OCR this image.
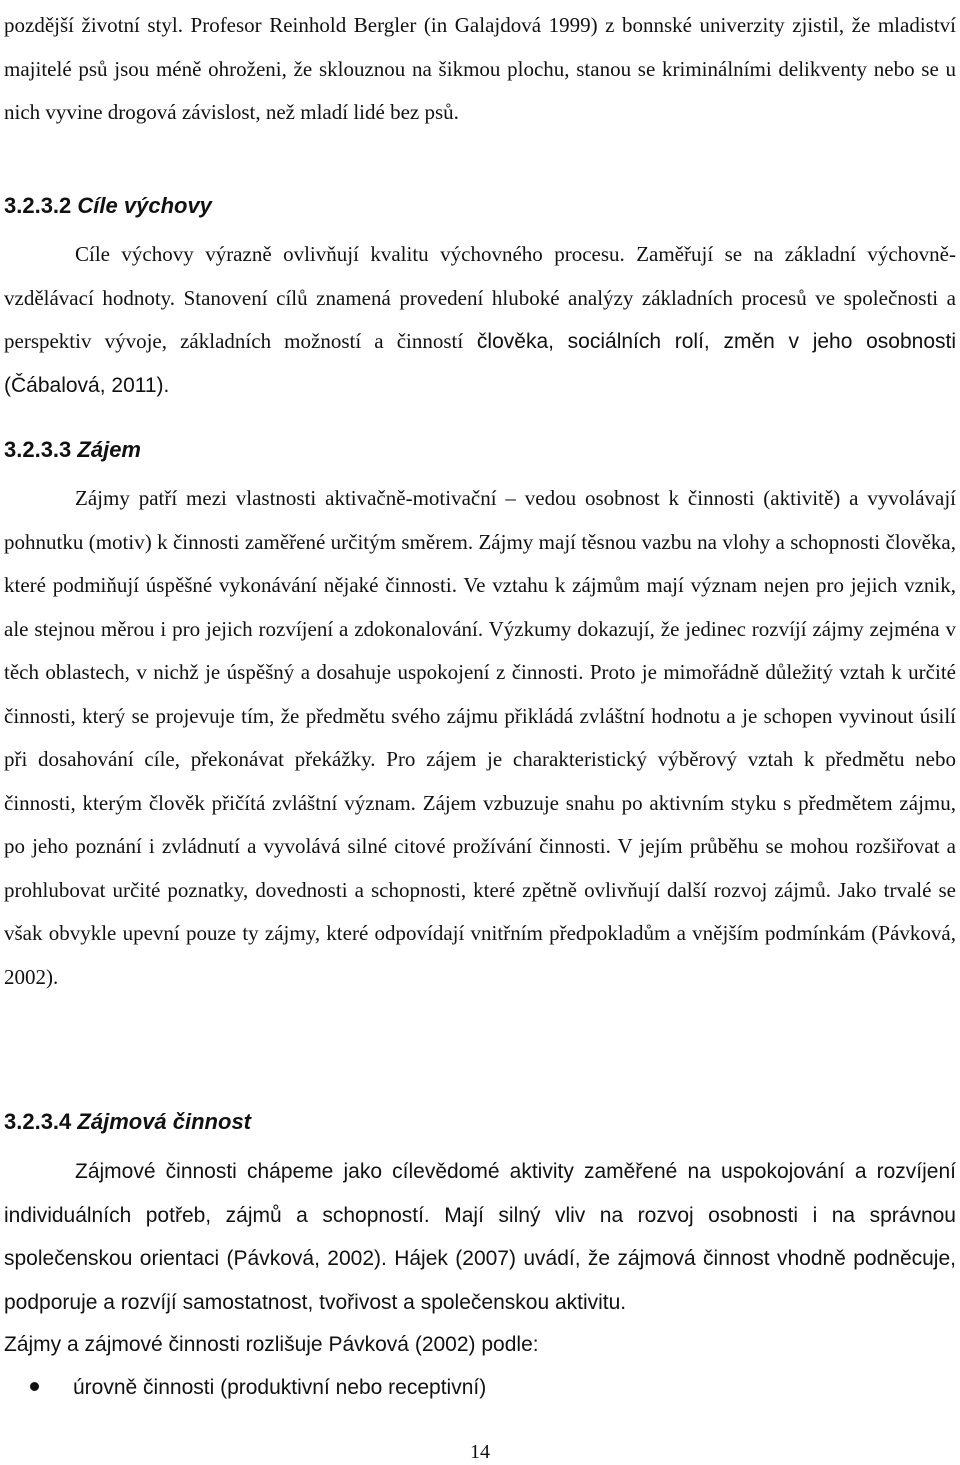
pozdější životní styl. Profesor Reinhold Bergler (in Galajdová 1999) z bonnské univerzity zjistil, že mladiství majitelé psů jsou méně ohroženi, že sklouznou na šikmou plochu, stanou se kriminálními delikventy nebo se u nich vyvine drogová závislost, než mladí lidé bez psů.

3.2.3.2 Cíle výchovy

Cíle výchovy výrazně ovlivňují kvalitu výchovného procesu. Zaměřují se na základní výchovně-vzdělávací hodnoty. Stanovení cílů znamená provedení hluboké analýzy základních procesů ve společnosti a perspektiv vývoje, základních možností a činností člověka, sociálních rolí, změn v jeho osobnosti (Čábalová, 2011).

3.2.3.3 Zájem

Zájmy patří mezi vlastnosti aktivačně-motivační – vedou osobnost k činnosti (aktivitě) a vyvolávají pohnutku (motiv) k činnosti zaměřené určitým směrem. Zájmy mají těsnou vazbu na vlohy a schopnosti člověka, které podmiňují úspěšné vykonávání nějaké činnosti. Ve vztahu k zájmům mají význam nejen pro jejich vznik, ale stejnou měrou i pro jejich rozvíjení a zdokonalování. Výzkumy dokazují, že jedinec rozvíjí zájmy zejména v těch oblastech, v nichž je úspěšný a dosahuje uspokojení z činnosti. Proto je mimořádně důležitý vztah k určité činnosti, který se projevuje tím, že předmětu svého zájmu přikládá zvláštní hodnotu a je schopen vyvinout úsilí při dosahování cíle, překonávat překážky. Pro zájem je charakteristický výběrový vztah k předmětu nebo činnosti, kterým člověk přičítá zvláštní význam. Zájem vzbuzuje snahu po aktivním styku s předmětem zájmu, po jeho poznání i zvládnutí a vyvolává silné citové prožívání činnosti. V jejím průběhu se mohou rozšiřovat a prohlubovat určité poznatky, dovednosti a schopnosti, které zpětně ovlivňují další rozvoj zájmů. Jako trvalé se však obvykle upevní pouze ty zájmy, které odpovídají vnitřním předpokladům a vnějším podmínkám (Pávková, 2002).

3.2.3.4 Zájmová činnost

Zájmové činnosti chápeme jako cílevědomé aktivity zaměřené na uspokojování a rozvíjení individuálních potřeb, zájmů a schopností. Mají silný vliv na rozvoj osobnosti i na správnou společenskou orientaci (Pávková, 2002). Hájek (2007) uvádí, že zájmová činnost vhodně podněcuje, podporuje a rozvíjí samostatnost, tvořivost a společenskou aktivitu.

Zájmy a zájmové činnosti rozlišuje Pávková (2002) podle:

úrovně činnosti (produktivní nebo receptivní)
14
